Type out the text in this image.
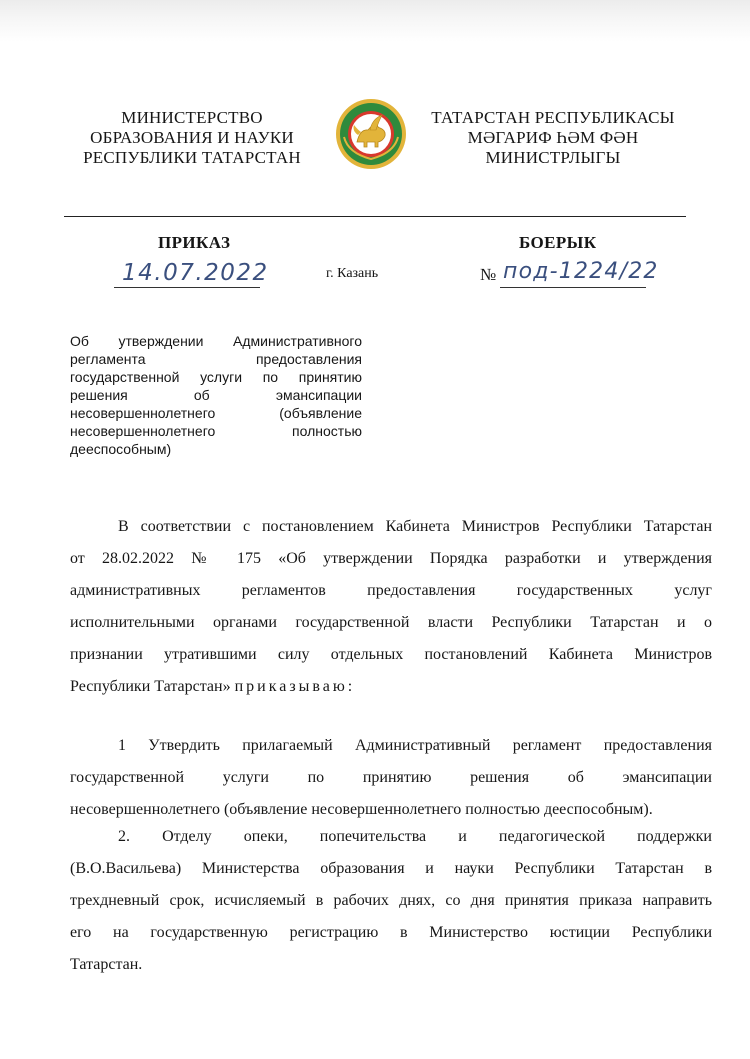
МИНИСТЕРСТВО
ОБРАЗОВАНИЯ И НАУКИ
РЕСПУБЛИКИ ТАТАРСТАН
ТАТАРСТАН РЕСПУБЛИКАСЫ
МӘГАРИФ ҺӘМ ФӘН
МИНИСТРЛЫГЫ
ПРИКАЗ	БОЕРЫК
14.07.2022	г. Казань	№ под-1224/22
Об утверждении Административного
регламента предоставления
государственной услуги по принятию
решения об эмансипации
несовершеннолетнего (объявление
несовершеннолетнего полностью
дееспособным)
В соответствии с постановлением Кабинета Министров Республики Татарстан
от 28.02.2022 № 175 «Об утверждении Порядка разработки и утверждения
административных регламентов предоставления государственных услуг
исполнительными органами государственной власти Республики Татарстан и о
признании утратившими силу отдельных постановлений Кабинета Министров
Республики Татарстан» приказываю:
1 Утвердить прилагаемый Административный регламент предоставления
государственной услуги по принятию решения об эмансипации
несовершеннолетнего (объявление несовершеннолетнего полностью дееспособным).
2. Отделу опеки, попечительства и педагогической поддержки
(В.О.Васильева) Министерства образования и науки Республики Татарстан в
трехдневный срок, исчисляемый в рабочих днях, со дня принятия приказа направить
его на государственную регистрацию в Министерство юстиции Республики
Татарстан.
